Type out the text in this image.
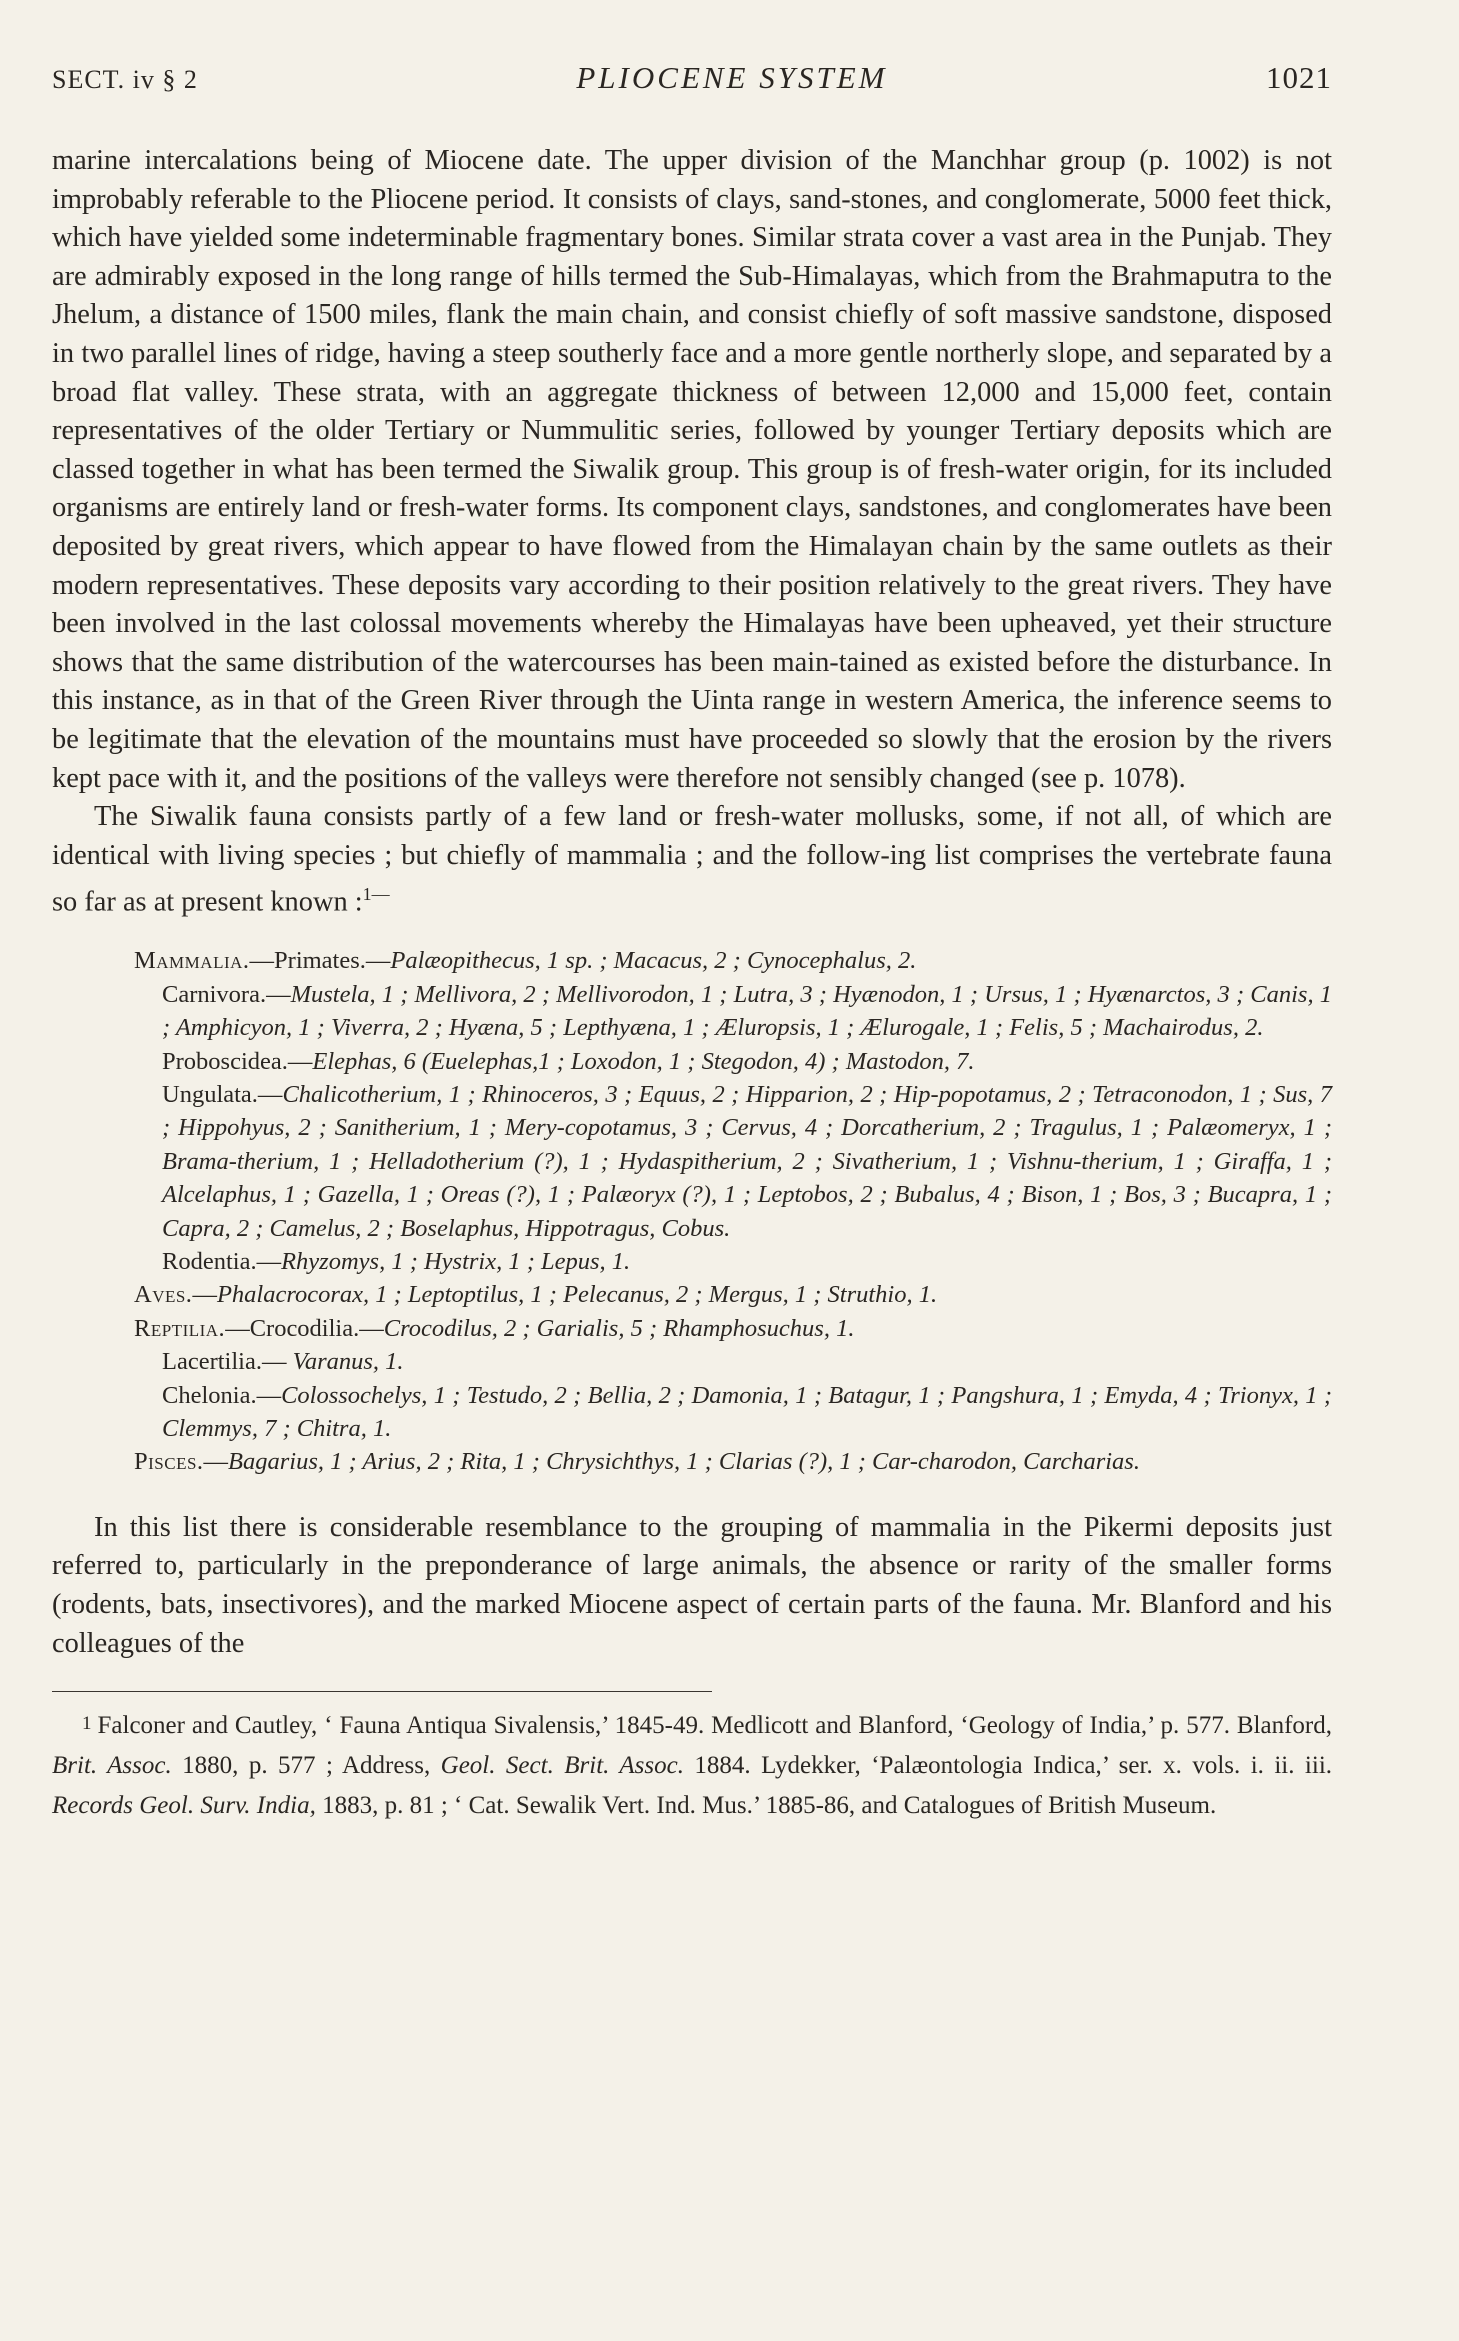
SECT. iv § 2	PLIOCENE SYSTEM	1021

marine intercalations being of Miocene date. The upper division of the Manchhar group (p. 1002) is not improbably referable to the Pliocene period. It consists of clays, sand-stones, and conglomerate, 5000 feet thick, which have yielded some indeterminable fragmentary bones. Similar strata cover a vast area in the Punjab. They are admirably exposed in the long range of hills termed the Sub-Himalayas, which from the Brahmaputra to the Jhelum, a distance of 1500 miles, flank the main chain, and consist chiefly of soft massive sandstone, disposed in two parallel lines of ridge, having a steep southerly face and a more gentle northerly slope, and separated by a broad flat valley. These strata, with an aggregate thickness of between 12,000 and 15,000 feet, contain representatives of the older Tertiary or Nummulitic series, followed by younger Tertiary deposits which are classed together in what has been termed the Siwalik group. This group is of fresh-water origin, for its included organisms are entirely land or fresh-water forms. Its component clays, sandstones, and conglomerates have been deposited by great rivers, which appear to have flowed from the Himalayan chain by the same outlets as their modern representatives. These deposits vary according to their position relatively to the great rivers. They have been involved in the last colossal movements whereby the Himalayas have been upheaved, yet their structure shows that the same distribution of the watercourses has been main-tained as existed before the disturbance. In this instance, as in that of the Green River through the Uinta range in western America, the inference seems to be legitimate that the elevation of the mountains must have proceeded so slowly that the erosion by the rivers kept pace with it, and the positions of the valleys were therefore not sensibly changed (see p. 1078).

The Siwalik fauna consists partly of a few land or fresh-water mollusks, some, if not all, of which are identical with living species ; but chiefly of mammalia ; and the follow-ing list comprises the vertebrate fauna so far as at present known :$^{1—}$

Mammalia.—Primates.—Palæopithecus, 1 sp. ; Macacus, 2 ; Cynocephalus, 2.

Carnivora.—Mustela, 1 ; Mellivora, 2 ; Mellivorodon, 1 ; Lutra, 3 ; Hyænodon, 1 ; Ursus, 1 ; Hyænarctos, 3 ; Canis, 1 ; Amphicyon, 1 ; Viverra, 2 ; Hyæna, 5 ; Lepthyæna, 1 ; Æluropsis, 1 ; Ælurogale, 1 ; Felis, 5 ; Machairodus, 2.

Proboscidea.—Elephas, 6 (Euelephas,1 ; Loxodon, 1 ; Stegodon, 4) ; Mastodon, 7.

Ungulata.—Chalicotherium, 1 ; Rhinoceros, 3 ; Equus, 2 ; Hipparion, 2 ; Hip-popotamus, 2 ; Tetraconodon, 1 ; Sus, 7 ; Hippohyus, 2 ; Sanitherium, 1 ; Mery-copotamus, 3 ; Cervus, 4 ; Dorcatherium, 2 ; Tragulus, 1 ; Palæomeryx, 1 ; Brama-therium, 1 ; Helladotherium (?), 1 ; Hydaspitherium, 2 ; Sivatherium, 1 ; Vishnu-therium, 1 ; Giraffa, 1 ; Alcelaphus, 1 ; Gazella, 1 ; Oreas (?), 1 ; Palæoryx (?), 1 ; Leptobos, 2 ; Bubalus, 4 ; Bison, 1 ; Bos, 3 ; Bucapra, 1 ; Capra, 2 ; Camelus, 2 ; Boselaphus, Hippotragus, Cobus.

Rodentia.—Rhyzomys, 1 ; Hystrix, 1 ; Lepus, 1.

Aves.—Phalacrocorax, 1 ; Leptoptilus, 1 ; Pelecanus, 2 ; Mergus, 1 ; Struthio, 1.

Reptilia.—Crocodilia.—Crocodilus, 2 ; Garialis, 5 ; Rhamphosuchus, 1.

Lacertilia.— Varanus, 1.

Chelonia.—Colossochelys, 1 ; Testudo, 2 ; Bellia, 2 ; Damonia, 1 ; Batagur, 1 ; Pangshura, 1 ; Emyda, 4 ; Trionyx, 1 ; Clemmys, 7 ; Chitra, 1.

Pisces.—Bagarius, 1 ; Arius, 2 ; Rita, 1 ; Chrysichthys, 1 ; Clarias (?), 1 ; Car-charodon, Carcharias.

In this list there is considerable resemblance to the grouping of mammalia in the Pikermi deposits just referred to, particularly in the preponderance of large animals, the absence or rarity of the smaller forms (rodents, bats, insectivores), and the marked Miocene aspect of certain parts of the fauna. Mr. Blanford and his colleagues of the

1 Falconer and Cautley, ‘ Fauna Antiqua Sivalensis,’ 1845-49. Medlicott and Blanford, ‘Geology of India,’ p. 577. Blanford, Brit. Assoc. 1880, p. 577 ; Address, Geol. Sect. Brit. Assoc. 1884. Lydekker, ‘Palæontologia Indica,’ ser. x. vols. i. ii. iii. Records Geol. Surv. India, 1883, p. 81 ; ‘ Cat. Sewalik Vert. Ind. Mus.’ 1885-86, and Catalogues of British Museum.
